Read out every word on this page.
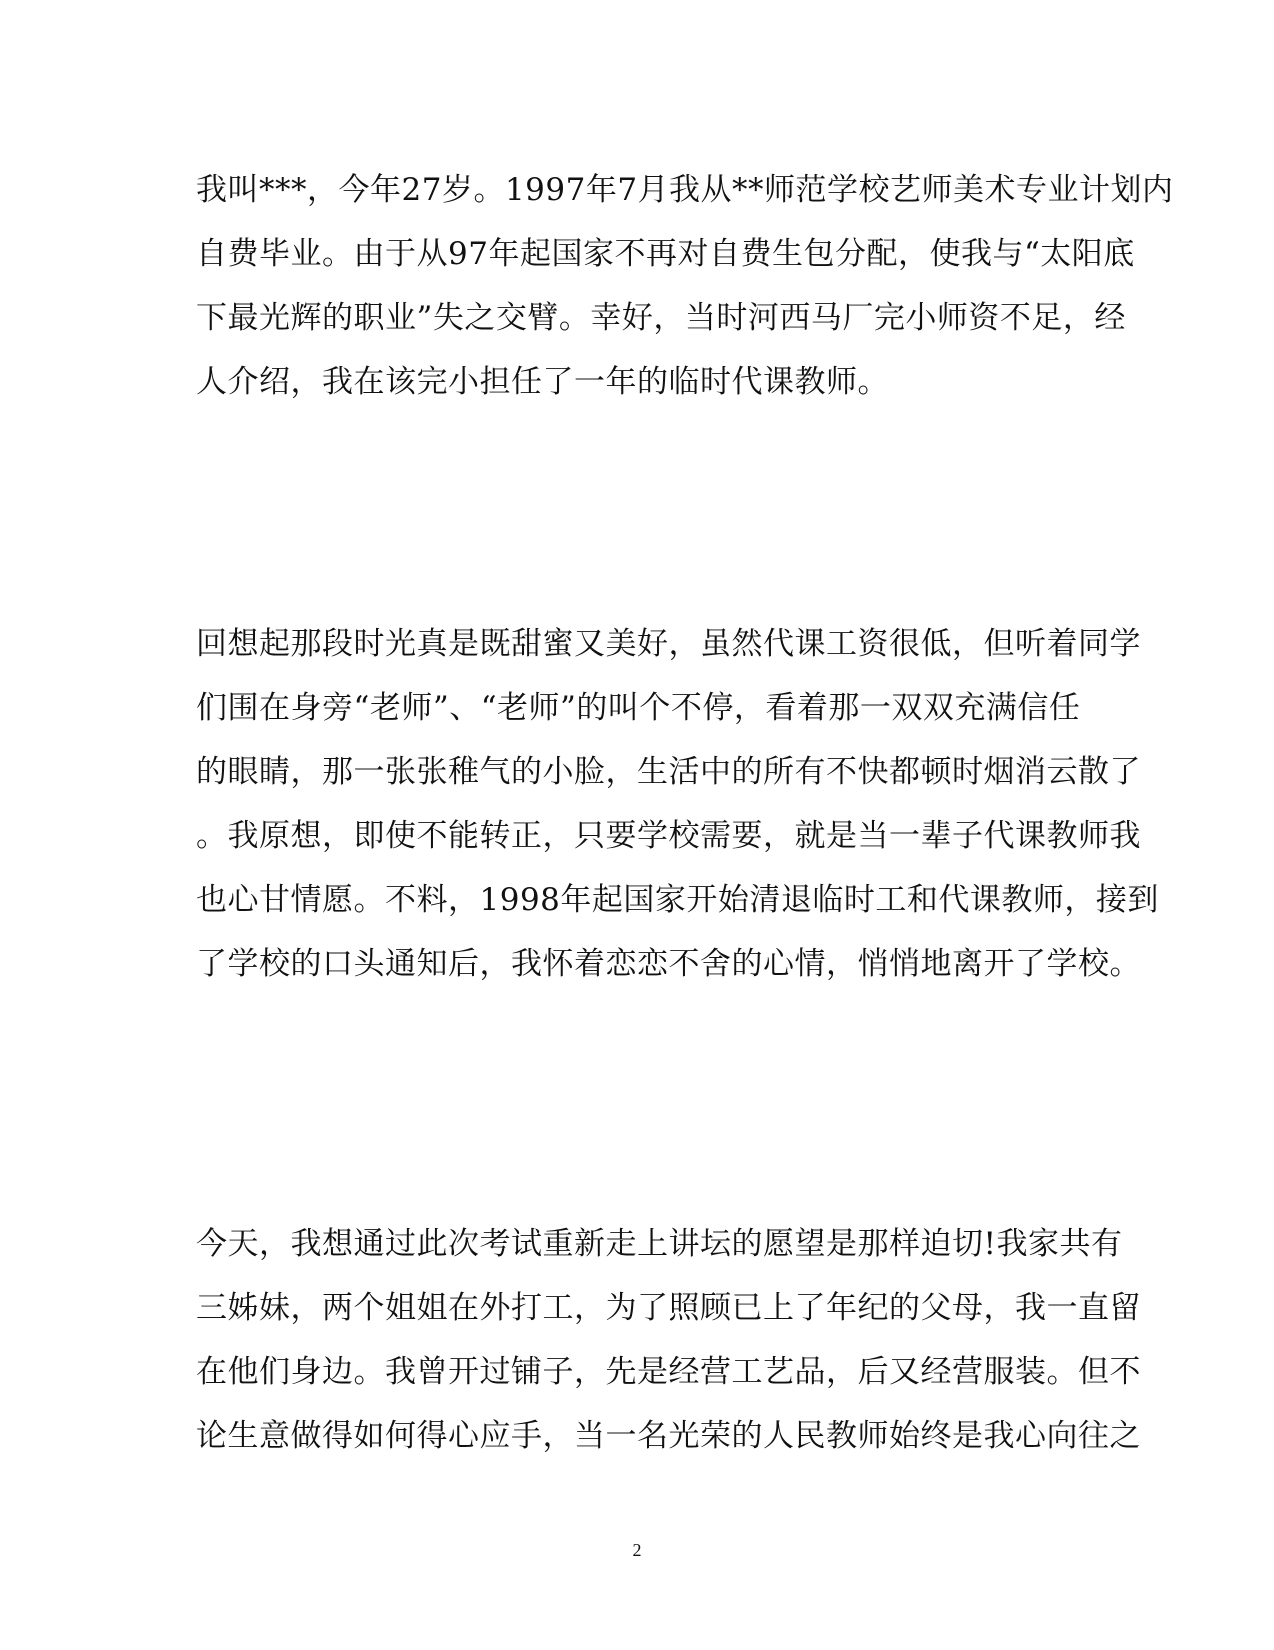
我叫***，今年27岁。1997年7月我从**师范学校艺师美术专业计划内
自费毕业。由于从97年起国家不再对自费生包分配，使我与“太阳底
下最光辉的职业”失之交臂。幸好，当时河西马厂完小师资不足，经
人介绍，我在该完小担任了一年的临时代课教师。
回想起那段时光真是既甜蜜又美好，虽然代课工资很低，但听着同学
们围在身旁“老师”、“老师”的叫个不停，看着那一双双充满信任
的眼睛，那一张张稚气的小脸，生活中的所有不快都顿时烟消云散了
。我原想，即使不能转正，只要学校需要，就是当一辈子代课教师我
也心甘情愿。不料，1998年起国家开始清退临时工和代课教师，接到
了学校的口头通知后，我怀着恋恋不舍的心情，悄悄地离开了学校。
今天，我想通过此次考试重新走上讲坛的愿望是那样迫切!我家共有
三姊妹，两个姐姐在外打工，为了照顾已上了年纪的父母，我一直留
在他们身边。我曾开过铺子，先是经营工艺品，后又经营服装。但不
论生意做得如何得心应手，当一名光荣的人民教师始终是我心向往之
2
